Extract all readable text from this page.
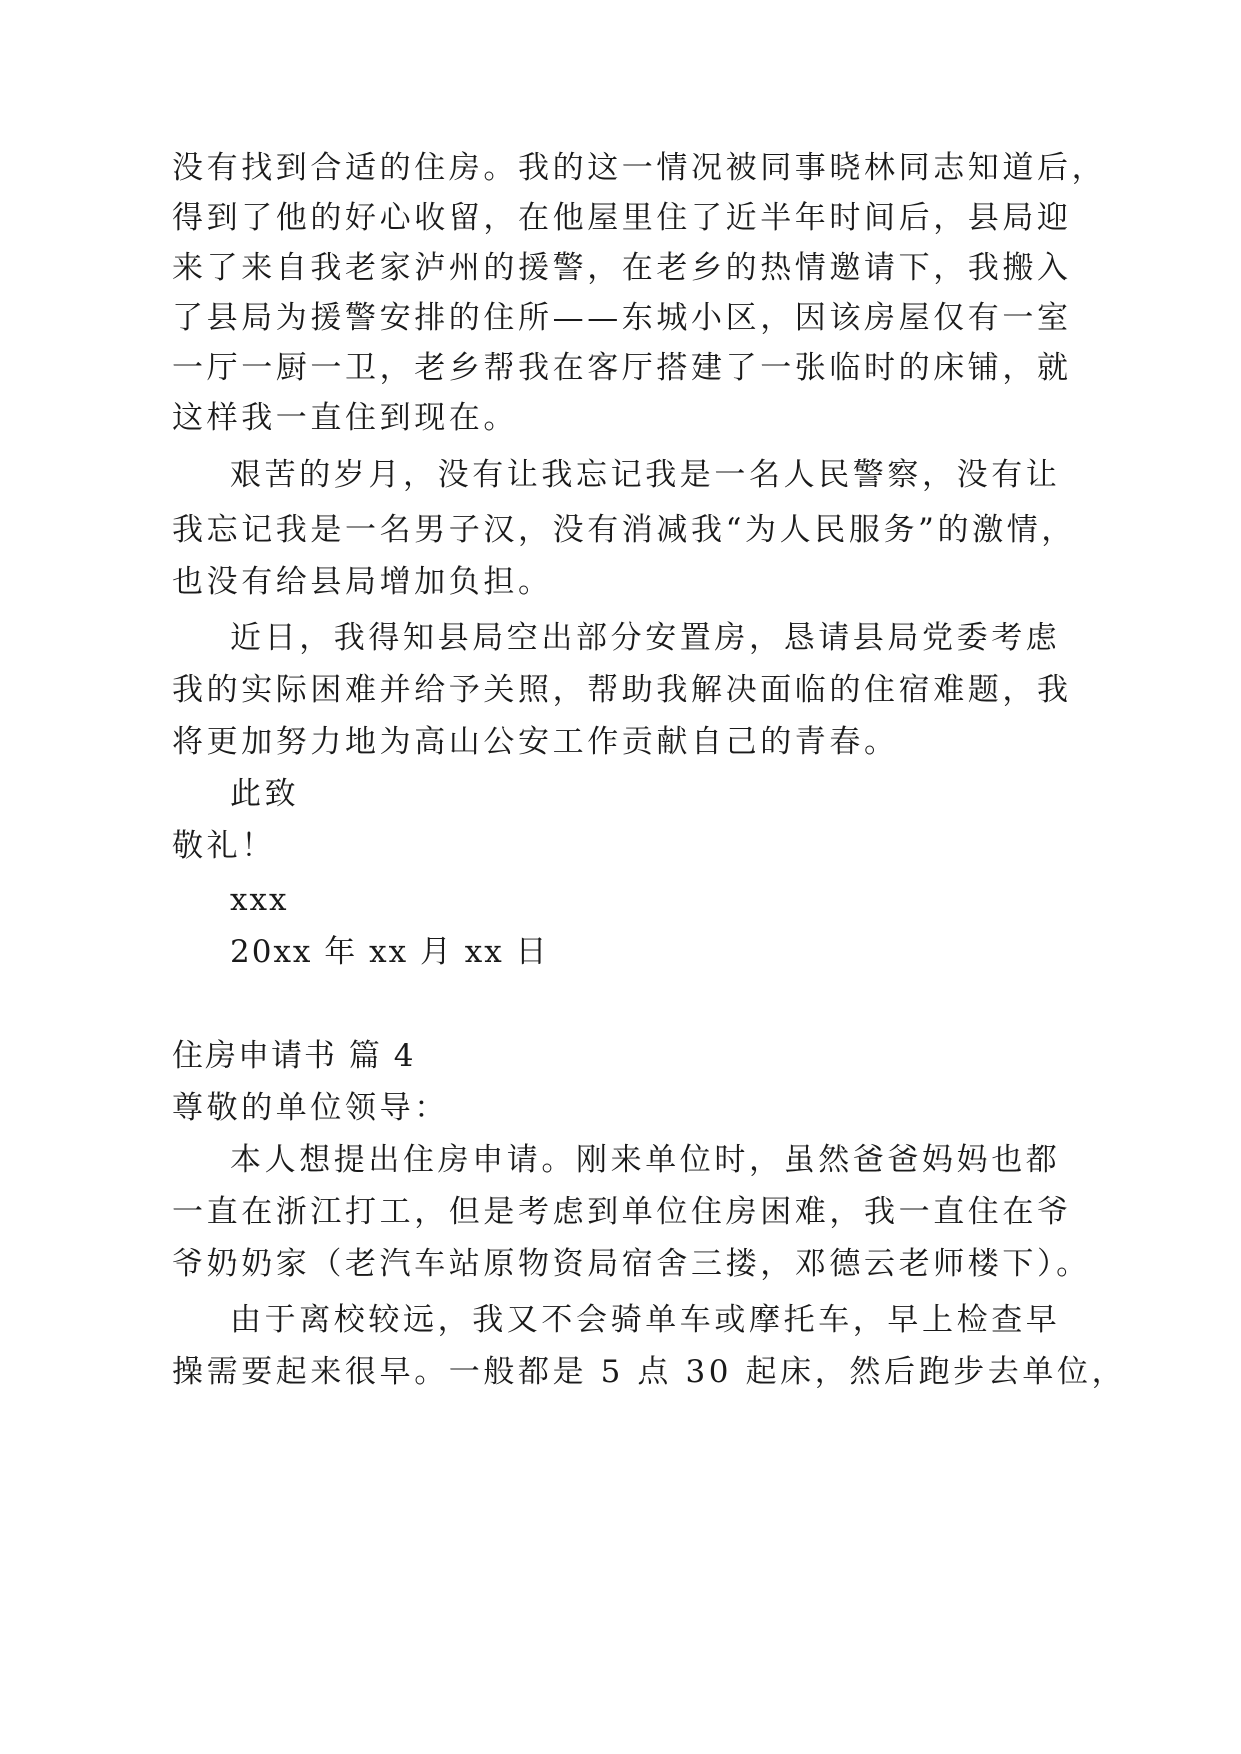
没有找到合适的住房。我的这一情况被同事晓林同志知道后，
得到了他的好心收留，在他屋里住了近半年时间后，县局迎
来了来自我老家泸州的援警，在老乡的热情邀请下，我搬入
了县局为援警安排的住所——东城小区，因该房屋仅有一室
一厅一厨一卫，老乡帮我在客厅搭建了一张临时的床铺，就
这样我一直住到现在。
艰苦的岁月，没有让我忘记我是一名人民警察，没有让
我忘记我是一名男子汉，没有消减我“为人民服务”的激情，
也没有给县局增加负担。
近日，我得知县局空出部分安置房，恳请县局党委考虑
我的实际困难并给予关照，帮助我解决面临的住宿难题，我
将更加努力地为高山公安工作贡献自己的青春。
此致
敬礼！
xxx
20xx 年 xx 月 xx 日
住房申请书 篇 4
尊敬的单位领导：
本人想提出住房申请。刚来单位时，虽然爸爸妈妈也都
一直在浙江打工，但是考虑到单位住房困难，我一直住在爷
爷奶奶家（老汽车站原物资局宿舍三搂，邓德云老师楼下）。
由于离校较远，我又不会骑单车或摩托车，早上检查早
操需要起来很早。一般都是 5 点 30 起床，然后跑步去单位，
